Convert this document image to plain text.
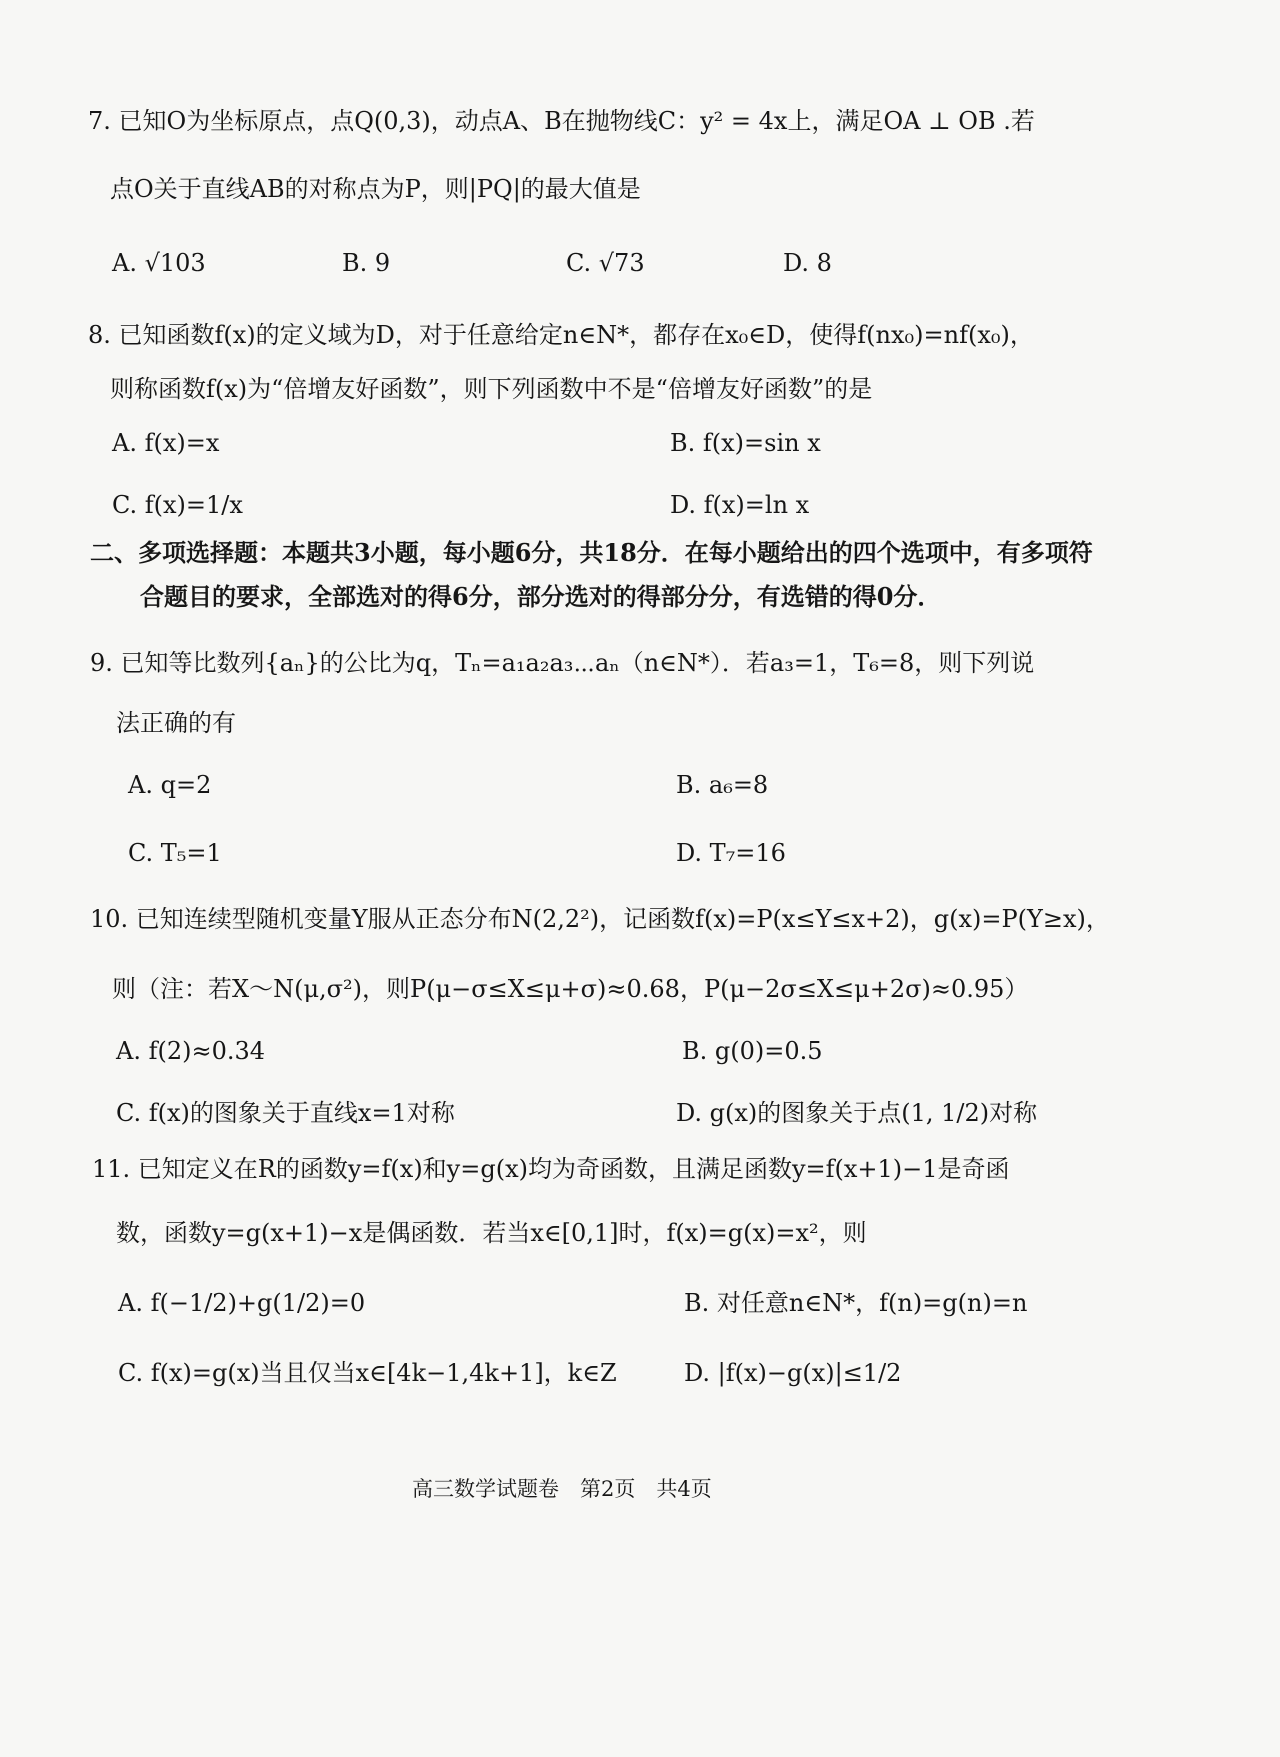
7. 已知O为坐标原点，点Q(0,3)，动点A、B在抛物线C：y² = 4x上，满足OA ⊥ OB .若
点O关于直线AB的对称点为P，则|PQ|的最大值是
A. √103	B. 9	C. √73	D. 8
8. 已知函数f(x)的定义域为D，对于任意给定n∈N*，都存在x₀∈D，使得f(nx₀)=nf(x₀)，
则称函数f(x)为“倍增友好函数”，则下列函数中不是“倍增友好函数”的是
A. f(x)=x	B. f(x)=sin x
C. f(x)=1/x	D. f(x)=ln x
二、多项选择题：本题共3小题，每小题6分，共18分．在每小题给出的四个选项中，有多项符
合题目的要求，全部选对的得6分，部分选对的得部分分，有选错的得0分．
9. 已知等比数列{aₙ}的公比为q，Tₙ=a₁a₂a₃⋯aₙ（n∈N*）．若a₃=1，T₆=8，则下列说
法正确的有
A. q=2	B. a₆=8
C. T₅=1	D. T₇=16
10. 已知连续型随机变量Y服从正态分布N(2,2²)，记函数f(x)=P(x≤Y≤x+2)，g(x)=P(Y≥x)，
则（注：若X～N(μ,σ²)，则P(μ−σ≤X≤μ+σ)≈0.68，P(μ−2σ≤X≤μ+2σ)≈0.95）
A. f(2)≈0.34	B. g(0)=0.5
C. f(x)的图象关于直线x=1对称	D. g(x)的图象关于点(1, 1/2)对称
11. 已知定义在R的函数y=f(x)和y=g(x)均为奇函数，且满足函数y=f(x+1)−1是奇函
数，函数y=g(x+1)−x是偶函数．若当x∈[0,1]时，f(x)=g(x)=x²，则
A. f(−1/2)+g(1/2)=0	B. 对任意n∈N*，f(n)=g(n)=n
C. f(x)=g(x)当且仅当x∈[4k−1,4k+1]，k∈Z	D. |f(x)−g(x)|≤1/2
高三数学试题卷　第2页　共4页
